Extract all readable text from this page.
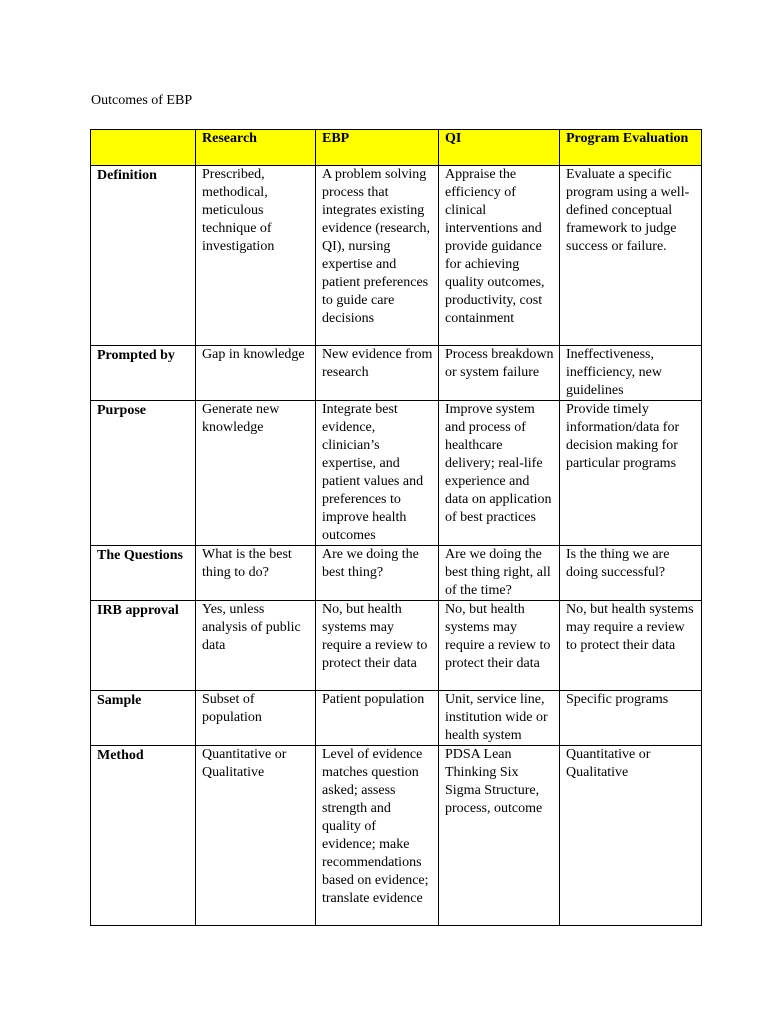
Outcomes of EBP
	Research	EBP	QI	Program Evaluation
Definition	Prescribed, methodical, meticulous technique of investigation	A problem solving process that integrates existing evidence (research, QI), nursing expertise and patient preferences to guide care decisions	Appraise the efficiency of clinical interventions and provide guidance for achieving quality outcomes, productivity, cost containment	Evaluate a specific program using a well-defined conceptual framework to judge success or failure.
Prompted by	Gap in knowledge	New evidence from research	Process breakdown or system failure	Ineffectiveness, inefficiency, new guidelines
Purpose	Generate new knowledge	Integrate best evidence, clinician’s expertise, and patient values and preferences to improve health outcomes	Improve system and process of healthcare delivery; real-life experience and data on application of best practices	Provide timely information/data for decision making for particular programs
The Questions	What is the best thing to do?	Are we doing the best thing?	Are we doing the best thing right, all of the time?	Is the thing we are doing successful?
IRB approval	Yes, unless analysis of public data	No, but health systems may require a review to protect their data	No, but health systems may require a review to protect their data	No, but health systems may require a review to protect their data
Sample	Subset of population	Patient population	Unit, service line, institution wide or health system	Specific programs
Method	Quantitative or Qualitative	Level of evidence matches question asked; assess strength and quality of evidence; make recommendations based on evidence; translate evidence	PDSA Lean Thinking Six Sigma Structure, process, outcome	Quantitative or Qualitative
